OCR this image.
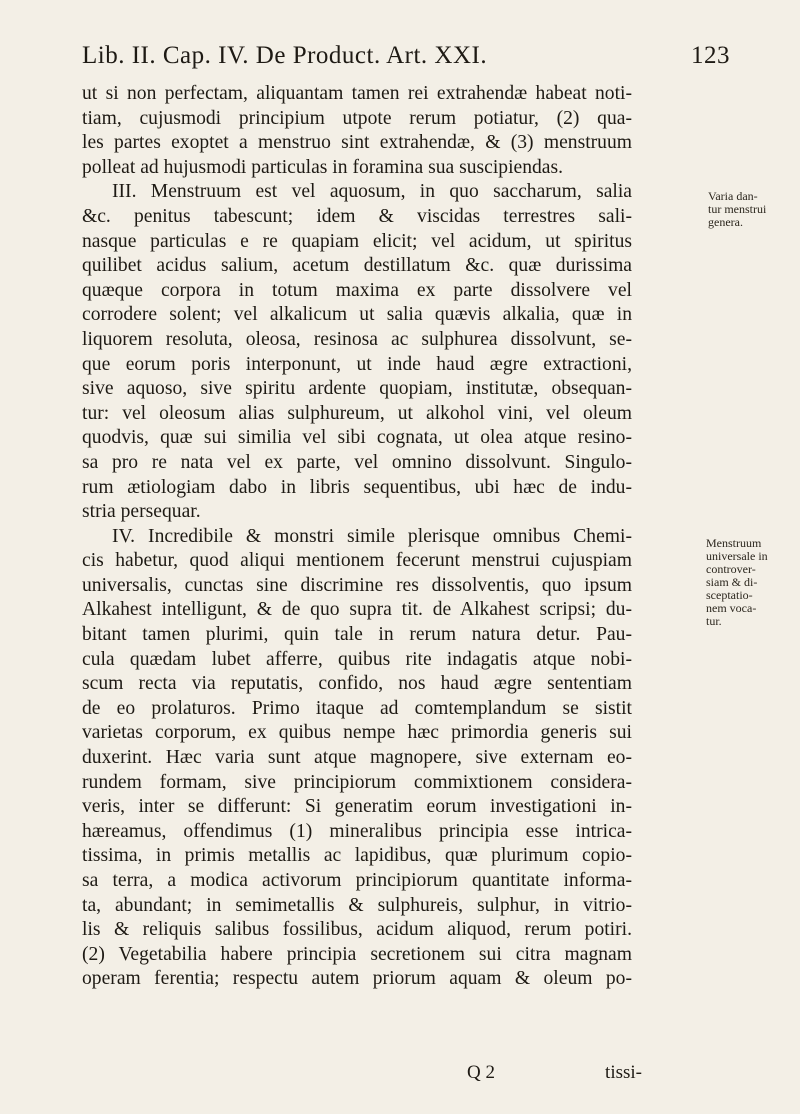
Lib. II. Cap. IV. De Product. Art. XXI.	123
ut si non perfectam, aliquantam tamen rei extrahendæ habeat noti-
tiam, cujusmodi principium utpote rerum potiatur, (2) qua-
les partes exoptet a menstruo sint extrahendæ, & (3) menstruum
polleat ad hujusmodi particulas in foramina sua suscipiendas.
III. Menstruum est vel aquosum, in quo saccharum, salia
&c. penitus tabescunt; idem & viscidas terrestres sali-
nasque particulas e re quapiam elicit; vel acidum, ut spiritus
quilibet acidus salium, acetum destillatum &c. quæ durissima
quæque corpora in totum maxima ex parte dissolvere vel
corrodere solent; vel alkalicum ut salia quævis alkalia, quæ in
liquorem resoluta, oleosa, resinosa ac sulphurea dissolvunt, se-
que eorum poris interponunt, ut inde haud ægre extractioni,
sive aquoso, sive spiritu ardente quopiam, institutæ, obsequan-
tur: vel oleosum alias sulphureum, ut alkohol vini, vel oleum
quodvis, quæ sui similia vel sibi cognata, ut olea atque resino-
sa pro re nata vel ex parte, vel omnino dissolvunt. Singulo-
rum ætiologiam dabo in libris sequentibus, ubi hæc de indu-
stria persequar.
IV. Incredibile & monstri simile plerisque omnibus Chemi-
cis habetur, quod aliqui mentionem fecerunt menstrui cujuspiam
universalis, cunctas sine discrimine res dissolventis, quo ipsum
Alkahest intelligunt, & de quo supra tit. de Alkahest scripsi; du-
bitant tamen plurimi, quin tale in rerum natura detur. Pau-
cula quædam lubet afferre, quibus rite indagatis atque nobi-
scum recta via reputatis, confido, nos haud ægre sententiam
de eo prolaturos. Primo itaque ad comtemplandum se sistit
varietas corporum, ex quibus nempe hæc primordia generis sui
duxerint. Hæc varia sunt atque magnopere, sive externam eo-
rundem formam, sive principiorum commixtionem considera-
veris, inter se differunt: Si generatim eorum investigationi in-
hæreamus, offendimus (1) mineralibus principia esse intrica-
tissima, in primis metallis ac lapidibus, quæ plurimum copio-
sa terra, a modica activorum principiorum quantitate informa-
ta, abundant; in semimetallis & sulphureis, sulphur, in vitrio-
lis & reliquis salibus fossilibus, acidum aliquod, rerum potiri.
(2) Vegetabilia habere principia secretionem sui citra magnam
operam ferentia; respectu autem priorum aquam & oleum po-
Varia dan-
tur menstrui
genera.
Menstruum
universale in
controver-
siam & di-
sceptatio-
nem voca-
tur.
Q 2	tissi-
